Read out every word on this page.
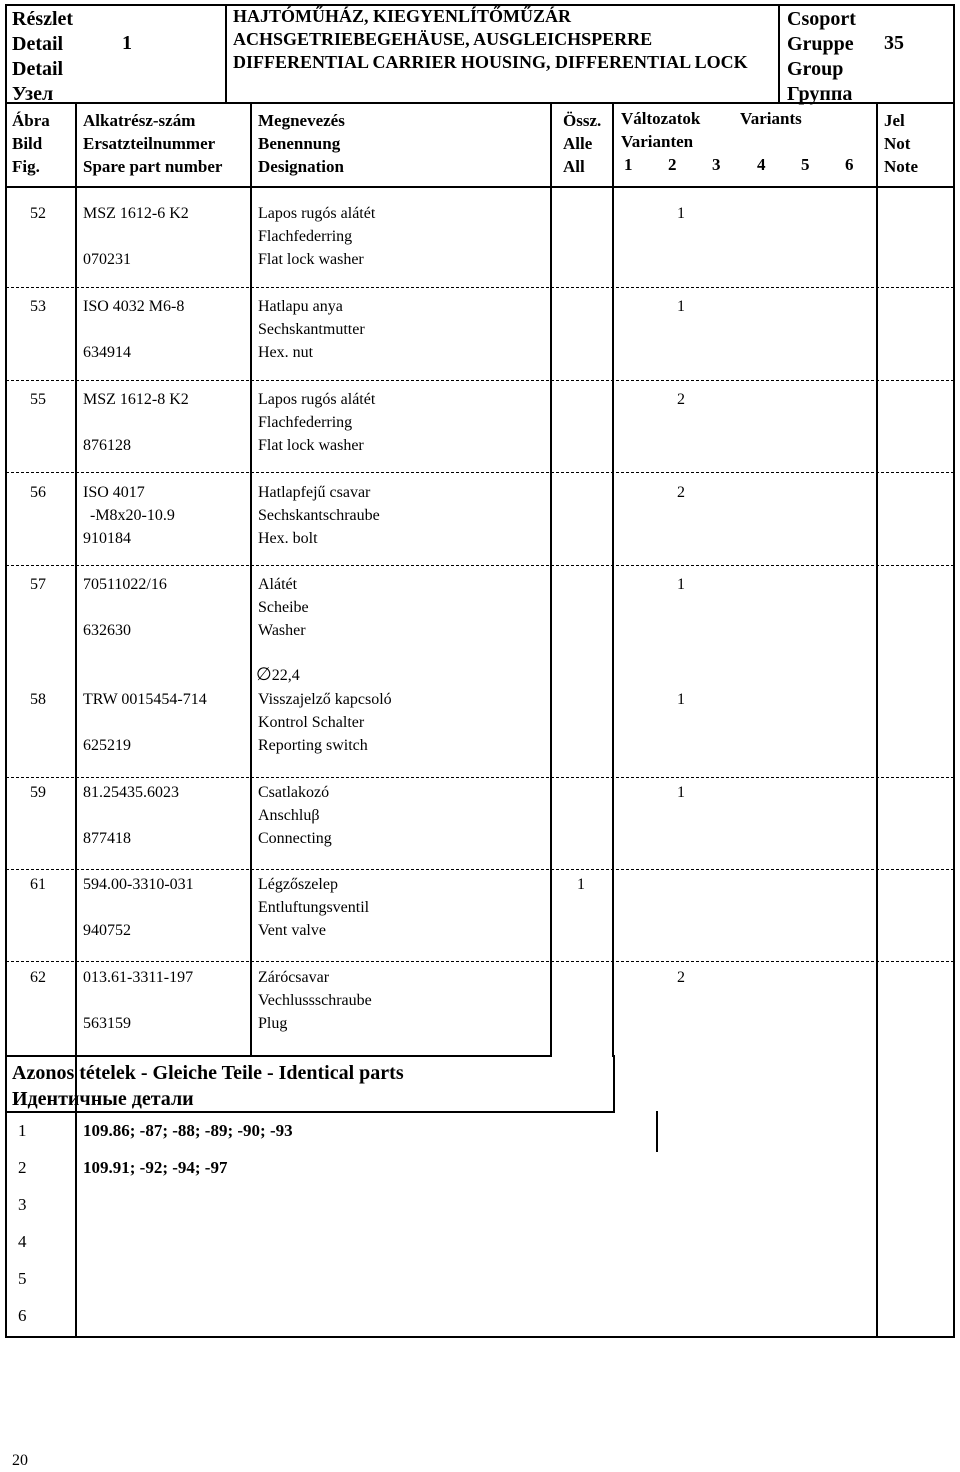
Részlet
Detail
Detail
Узел
1
HAJTÓMŰHÁZ, KIEGYENLÍTŐMŰZÁR
ACHSGETRIEBEGEHÄUSE, AUSGLEICHSPERRE
DIFFERENTIAL CARRIER HOUSING, DIFFERENTIAL LOCK
Csoport
Gruppe
Group
Группа
35
Ábra
Bild
Fig.
Alkatrész-szám
Ersatzteilnummer
Spare part number
Megnevezés
Benennung
Designation
Össz.
Alle
All
Változatok Variants
Varianten
1 2 3 4 5 6
Jel
Not
Note
52 MSZ 1612-6 K2
070231
Lapos rugós alátét
Flachfederring
Flat lock washer
1
53 ISO 4032 M6-8
634914
Hatlapu anya
Sechskantmutter
Hex. nut
1
55 MSZ 1612-8 K2
876128
Lapos rugós alátét
Flachfederring
Flat lock washer
2
56 ISO 4017
-M8x20-10.9
910184
Hatlapfejű csavar
Sechskantschraube
Hex. bolt
2
57 70511022/16
632630
Alátét
Scheibe
Washer
∅22,4
1
58 TRW 0015454-714
625219
Visszajelző kapcsoló
Kontrol Schalter
Reporting switch
1
59 81.25435.6023
877418
Csatlakozó
Anschluβ
Connecting
1
61 594.00-3310-031
940752
Légzőszelep
Entluftungsventil
Vent valve
1
62 013.61-3311-197
563159
Zárócsavar
Vechlussschraube
Plug
2
Azonos tételek - Gleiche Teile - Identical parts
Идентичные детали
1	109.86; -87; -88; -89; -90; -93
2	109.91; -92; -94; -97
3
4
5
6
20
